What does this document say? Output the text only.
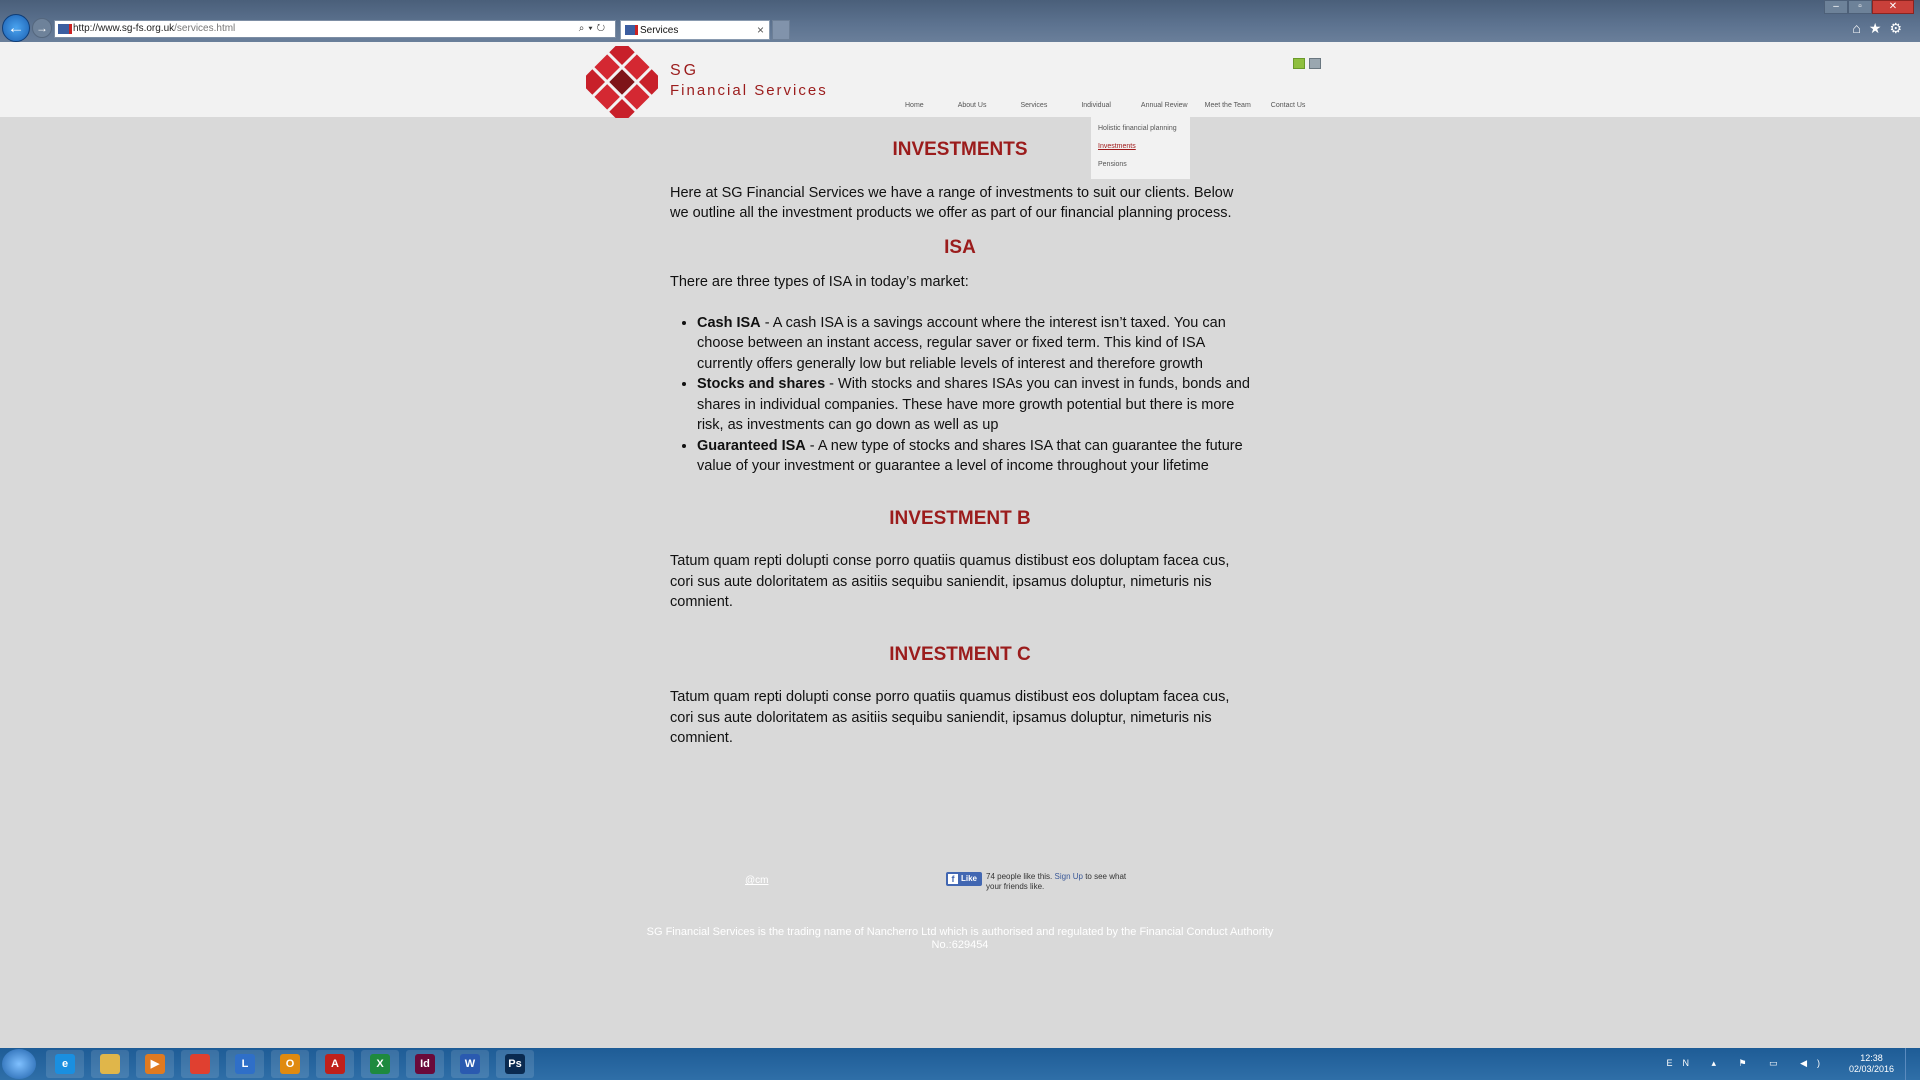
← →	http://www.sg-fs.org.uk/services.html	⌕▾↻	Services	×
–	▫	✕
⌂★⚙
SG
Financial Services
Home	About Us	Services	Individual	Annual Review	Meet the Team	Contact Us
Holistic financial planning
Investments
Pensions
INVESTMENTS

Here at SG Financial Services we have a range of investments to suit our clients. Below we outline all the investment products we offer as part of our financial planning process.

ISA

There are three types of ISA in today’s market:

• Cash ISA - A cash ISA is a savings account where the interest isn’t taxed. You can choose between an instant access, regular saver or fixed term. This kind of ISA currently offers generally low but reliable levels of interest and therefore growth
• Stocks and shares - With stocks and shares ISAs you can invest in funds, bonds and shares in individual companies. These have more growth potential but there is more risk, as investments can go down as well as up
• Guaranteed ISA - A new type of stocks and shares ISA that can guarantee the future value of your investment or guarantee a level of income throughout your lifetime
INVESTMENT B

Tatum quam repti dolupti conse porro quatiis quamus distibust eos doluptam facea cus, cori sus aute doloritatem as asitiis sequibu saniendit, ipsamus doluptur, nimeturis nis comnient.

INVESTMENT C

Tatum quam repti dolupti conse porro quatiis quamus distibust eos doluptam facea cus, cori sus aute doloritatem as asitiis sequibu saniendit, ipsamus doluptur, nimeturis nis comnient.

@cm	f Like 74 people like this. Sign Up to see what your friends like.
SG Financial Services is the trading name of Nancherro Ltd which is authorised and regulated by the Financial Conduct Authority
No.:629454
e	▶	L	O	A	X	Id	W	Ps	EN ▴ ⚑ ▭ ◀)	12:38
02/03/2016
